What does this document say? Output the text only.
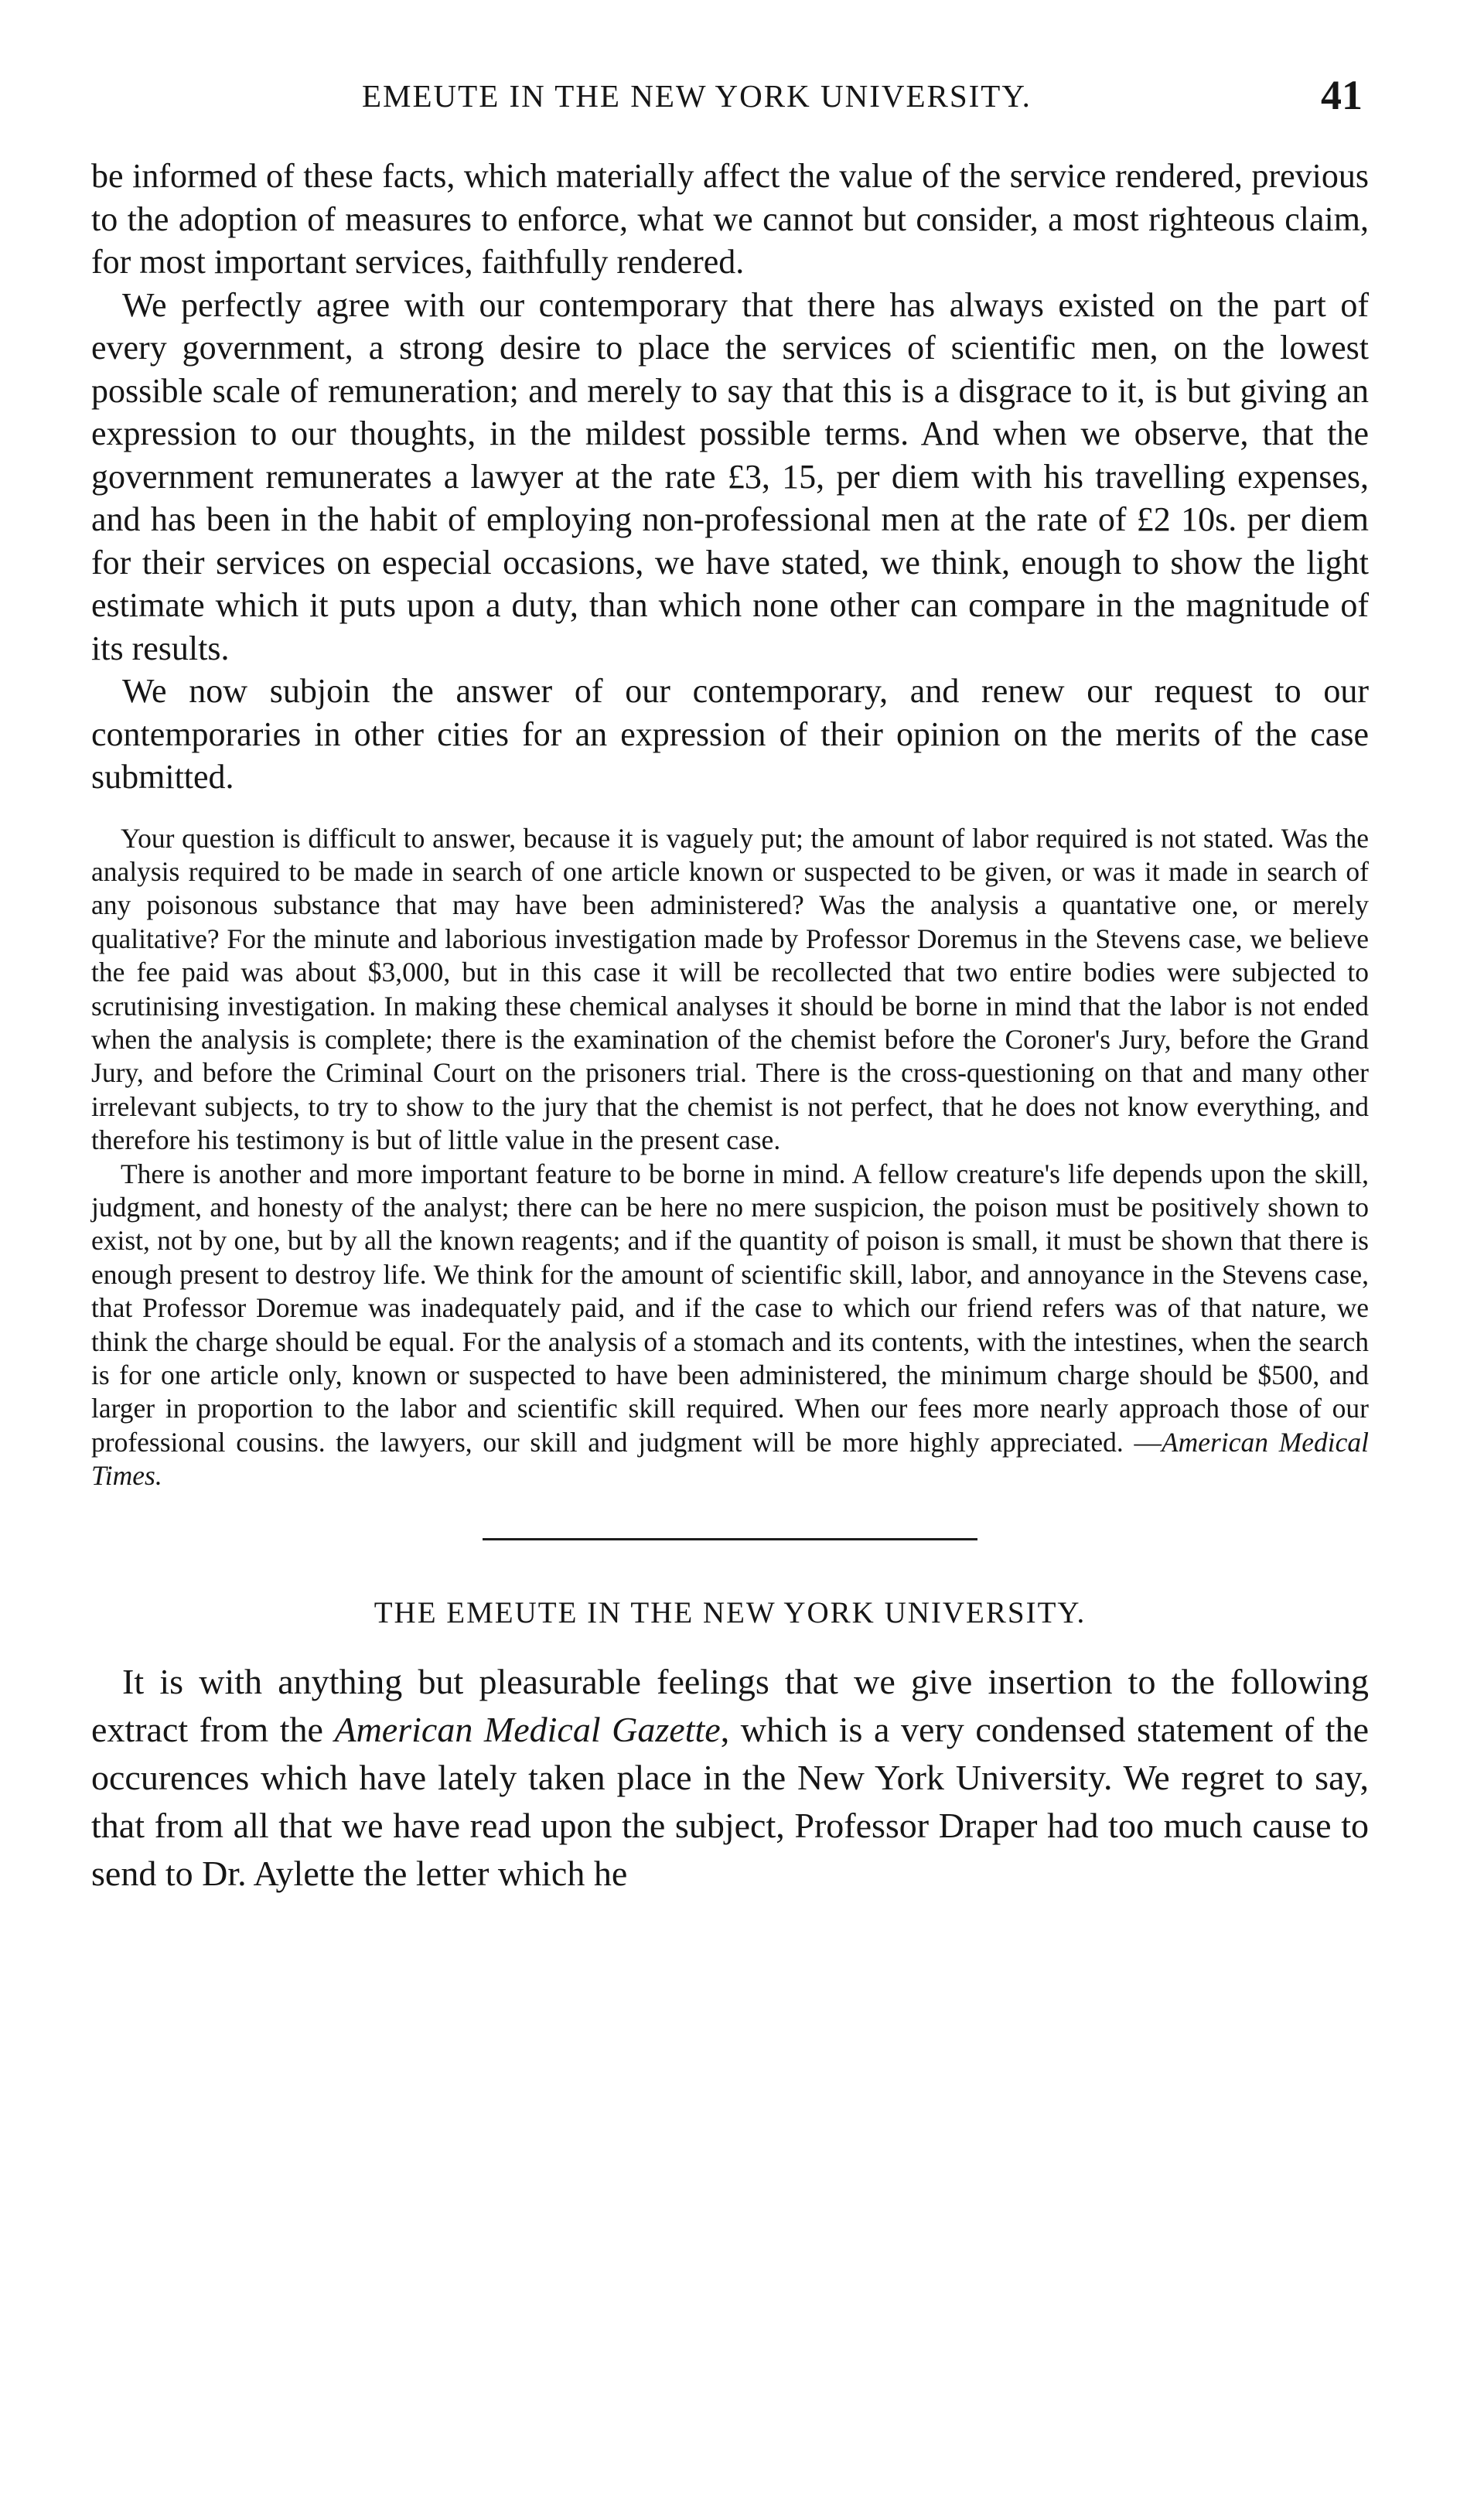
EMEUTE IN THE NEW YORK UNIVERSITY.	41

be informed of these facts, which materially affect the value of the service rendered, previous to the adoption of measures to enforce, what we cannot but consider, a most righteous claim, for most important services, faithfully rendered.

We perfectly agree with our contemporary that there has always existed on the part of every government, a strong desire to place the services of scientific men, on the lowest possible scale of remuneration; and merely to say that this is a disgrace to it, is but giving an expression to our thoughts, in the mildest possible terms. And when we observe, that the government remunerates a lawyer at the rate £3, 15, per diem with his travelling expenses, and has been in the habit of employing non-professional men at the rate of £2 10s. per diem for their services on especial occasions, we have stated, we think, enough to show the light estimate which it puts upon a duty, than which none other can compare in the magnitude of its results.

We now subjoin the answer of our contemporary, and renew our request to our contemporaries in other cities for an expression of their opinion on the merits of the case submitted.

Your question is difficult to answer, because it is vaguely put; the amount of labor required is not stated. Was the analysis required to be made in search of one article known or suspected to be given, or was it made in search of any poisonous substance that may have been administered? Was the analysis a quantative one, or merely qualitative? For the minute and laborious investigation made by Professor Doremus in the Stevens case, we believe the fee paid was about $3,000, but in this case it will be recollected that two entire bodies were subjected to scrutinising investigation. In making these chemical analyses it should be borne in mind that the labor is not ended when the analysis is complete; there is the examination of the chemist before the Coroner's Jury, before the Grand Jury, and before the Criminal Court on the prisoners trial. There is the cross-questioning on that and many other irrelevant subjects, to try to show to the jury that the chemist is not perfect, that he does not know everything, and therefore his testimony is but of little value in the present case.

There is another and more important feature to be borne in mind. A fellow creature's life depends upon the skill, judgment, and honesty of the analyst; there can be here no mere suspicion, the poison must be positively shown to exist, not by one, but by all the known reagents; and if the quantity of poison is small, it must be shown that there is enough present to destroy life. We think for the amount of scientific skill, labor, and annoyance in the Stevens case, that Professor Doremue was inadequately paid, and if the case to which our friend refers was of that nature, we think the charge should be equal. For the analysis of a stomach and its contents, with the intestines, when the search is for one article only, known or suspected to have been administered, the minimum charge should be $500, and larger in proportion to the labor and scientific skill required. When our fees more nearly approach those of our professional cousins. the lawyers, our skill and judgment will be more highly appreciated. —American Medical Times.

THE EMEUTE IN THE NEW YORK UNIVERSITY.

It is with anything but pleasurable feelings that we give insertion to the following extract from the American Medical Gazette, which is a very condensed statement of the occurences which have lately taken place in the New York University. We regret to say, that from all that we have read upon the subject, Professor Draper had too much cause to send to Dr. Aylette the letter which he
